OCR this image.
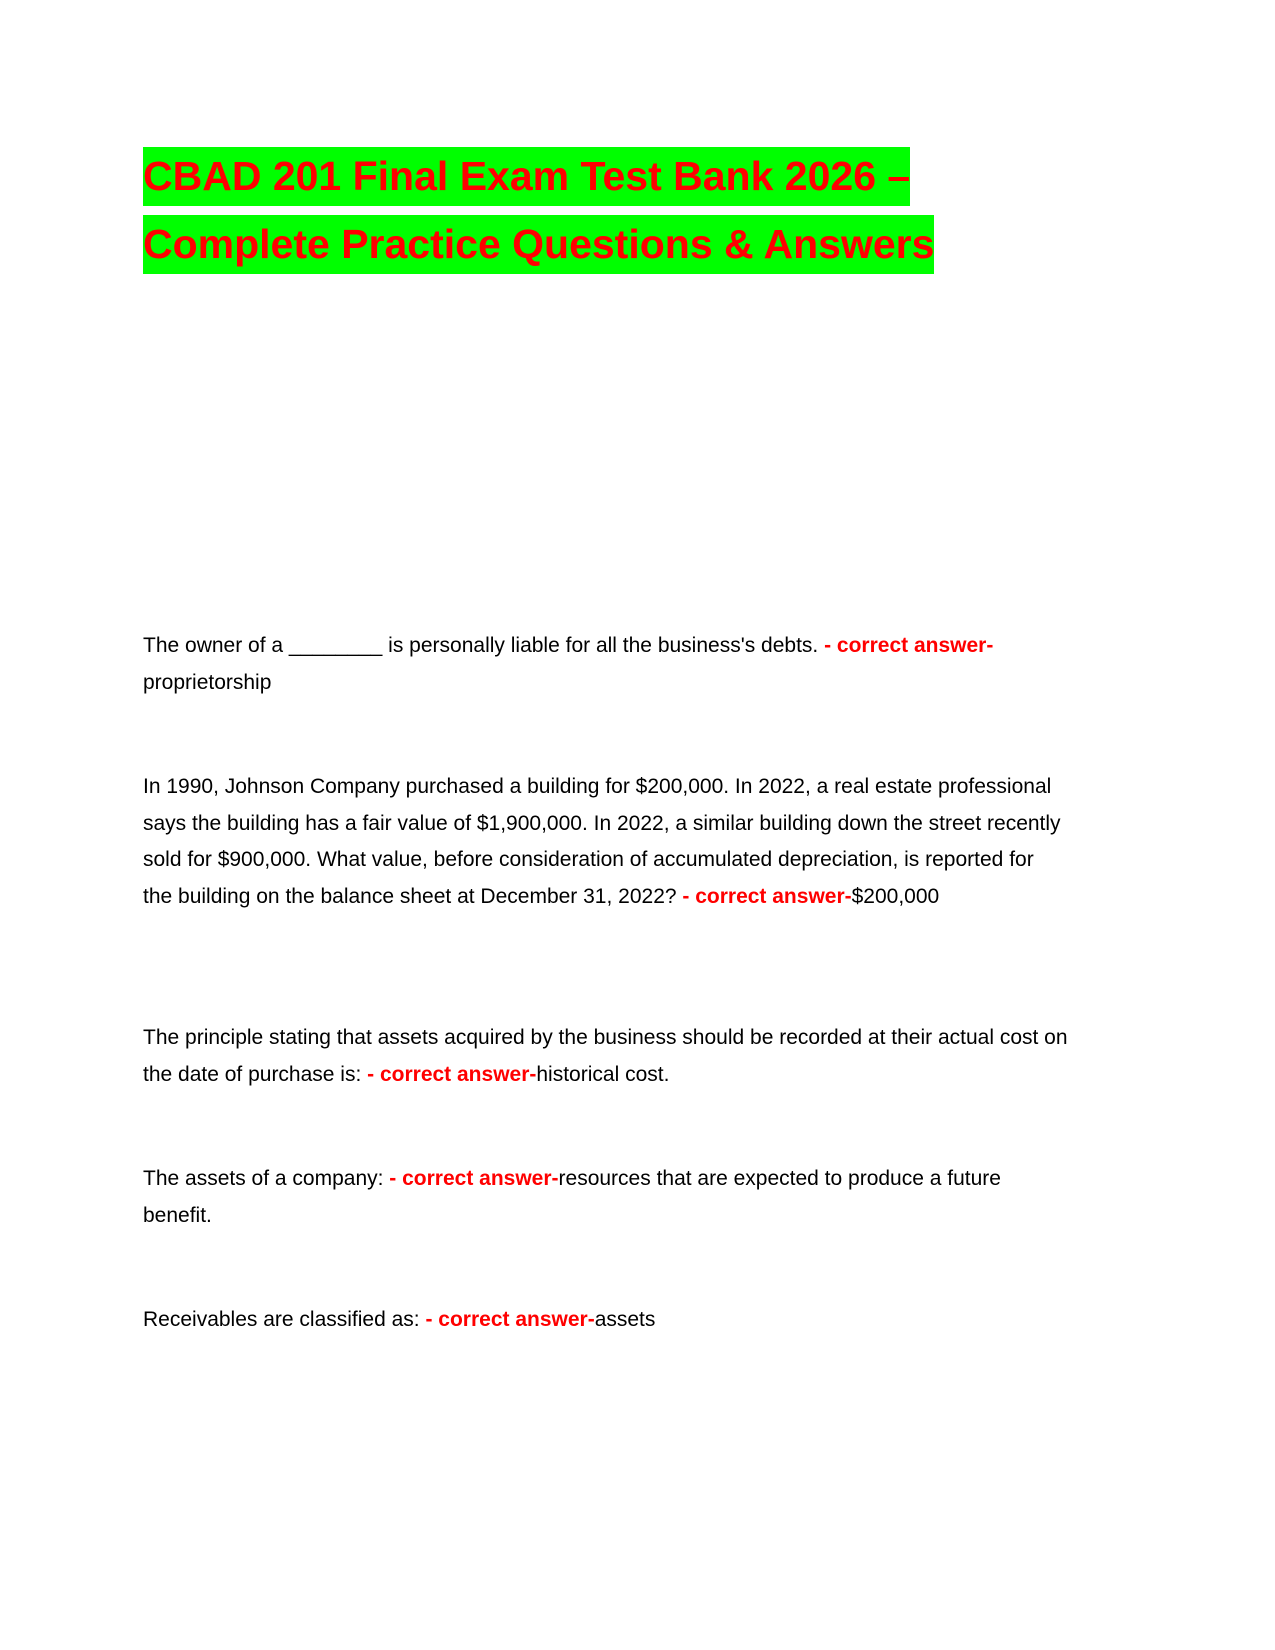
CBAD 201 Final Exam Test Bank 2026 –
Complete Practice Questions & Answers

The owner of a ________ is personally liable for all the business's debts. - correct answer-proprietorship

In 1990, Johnson Company purchased a building for $200,000. In 2022, a real estate professional says the building has a fair value of $1,900,000. In 2022, a similar building down the street recently sold for $900,000. What value, before consideration of accumulated depreciation, is reported for the building on the balance sheet at December 31, 2022? - correct answer-$200,000

The principle stating that assets acquired by the business should be recorded at their actual cost on the date of purchase is: - correct answer-historical cost.

The assets of a company: - correct answer-resources that are expected to produce a future benefit.

Receivables are classified as: - correct answer-assets
